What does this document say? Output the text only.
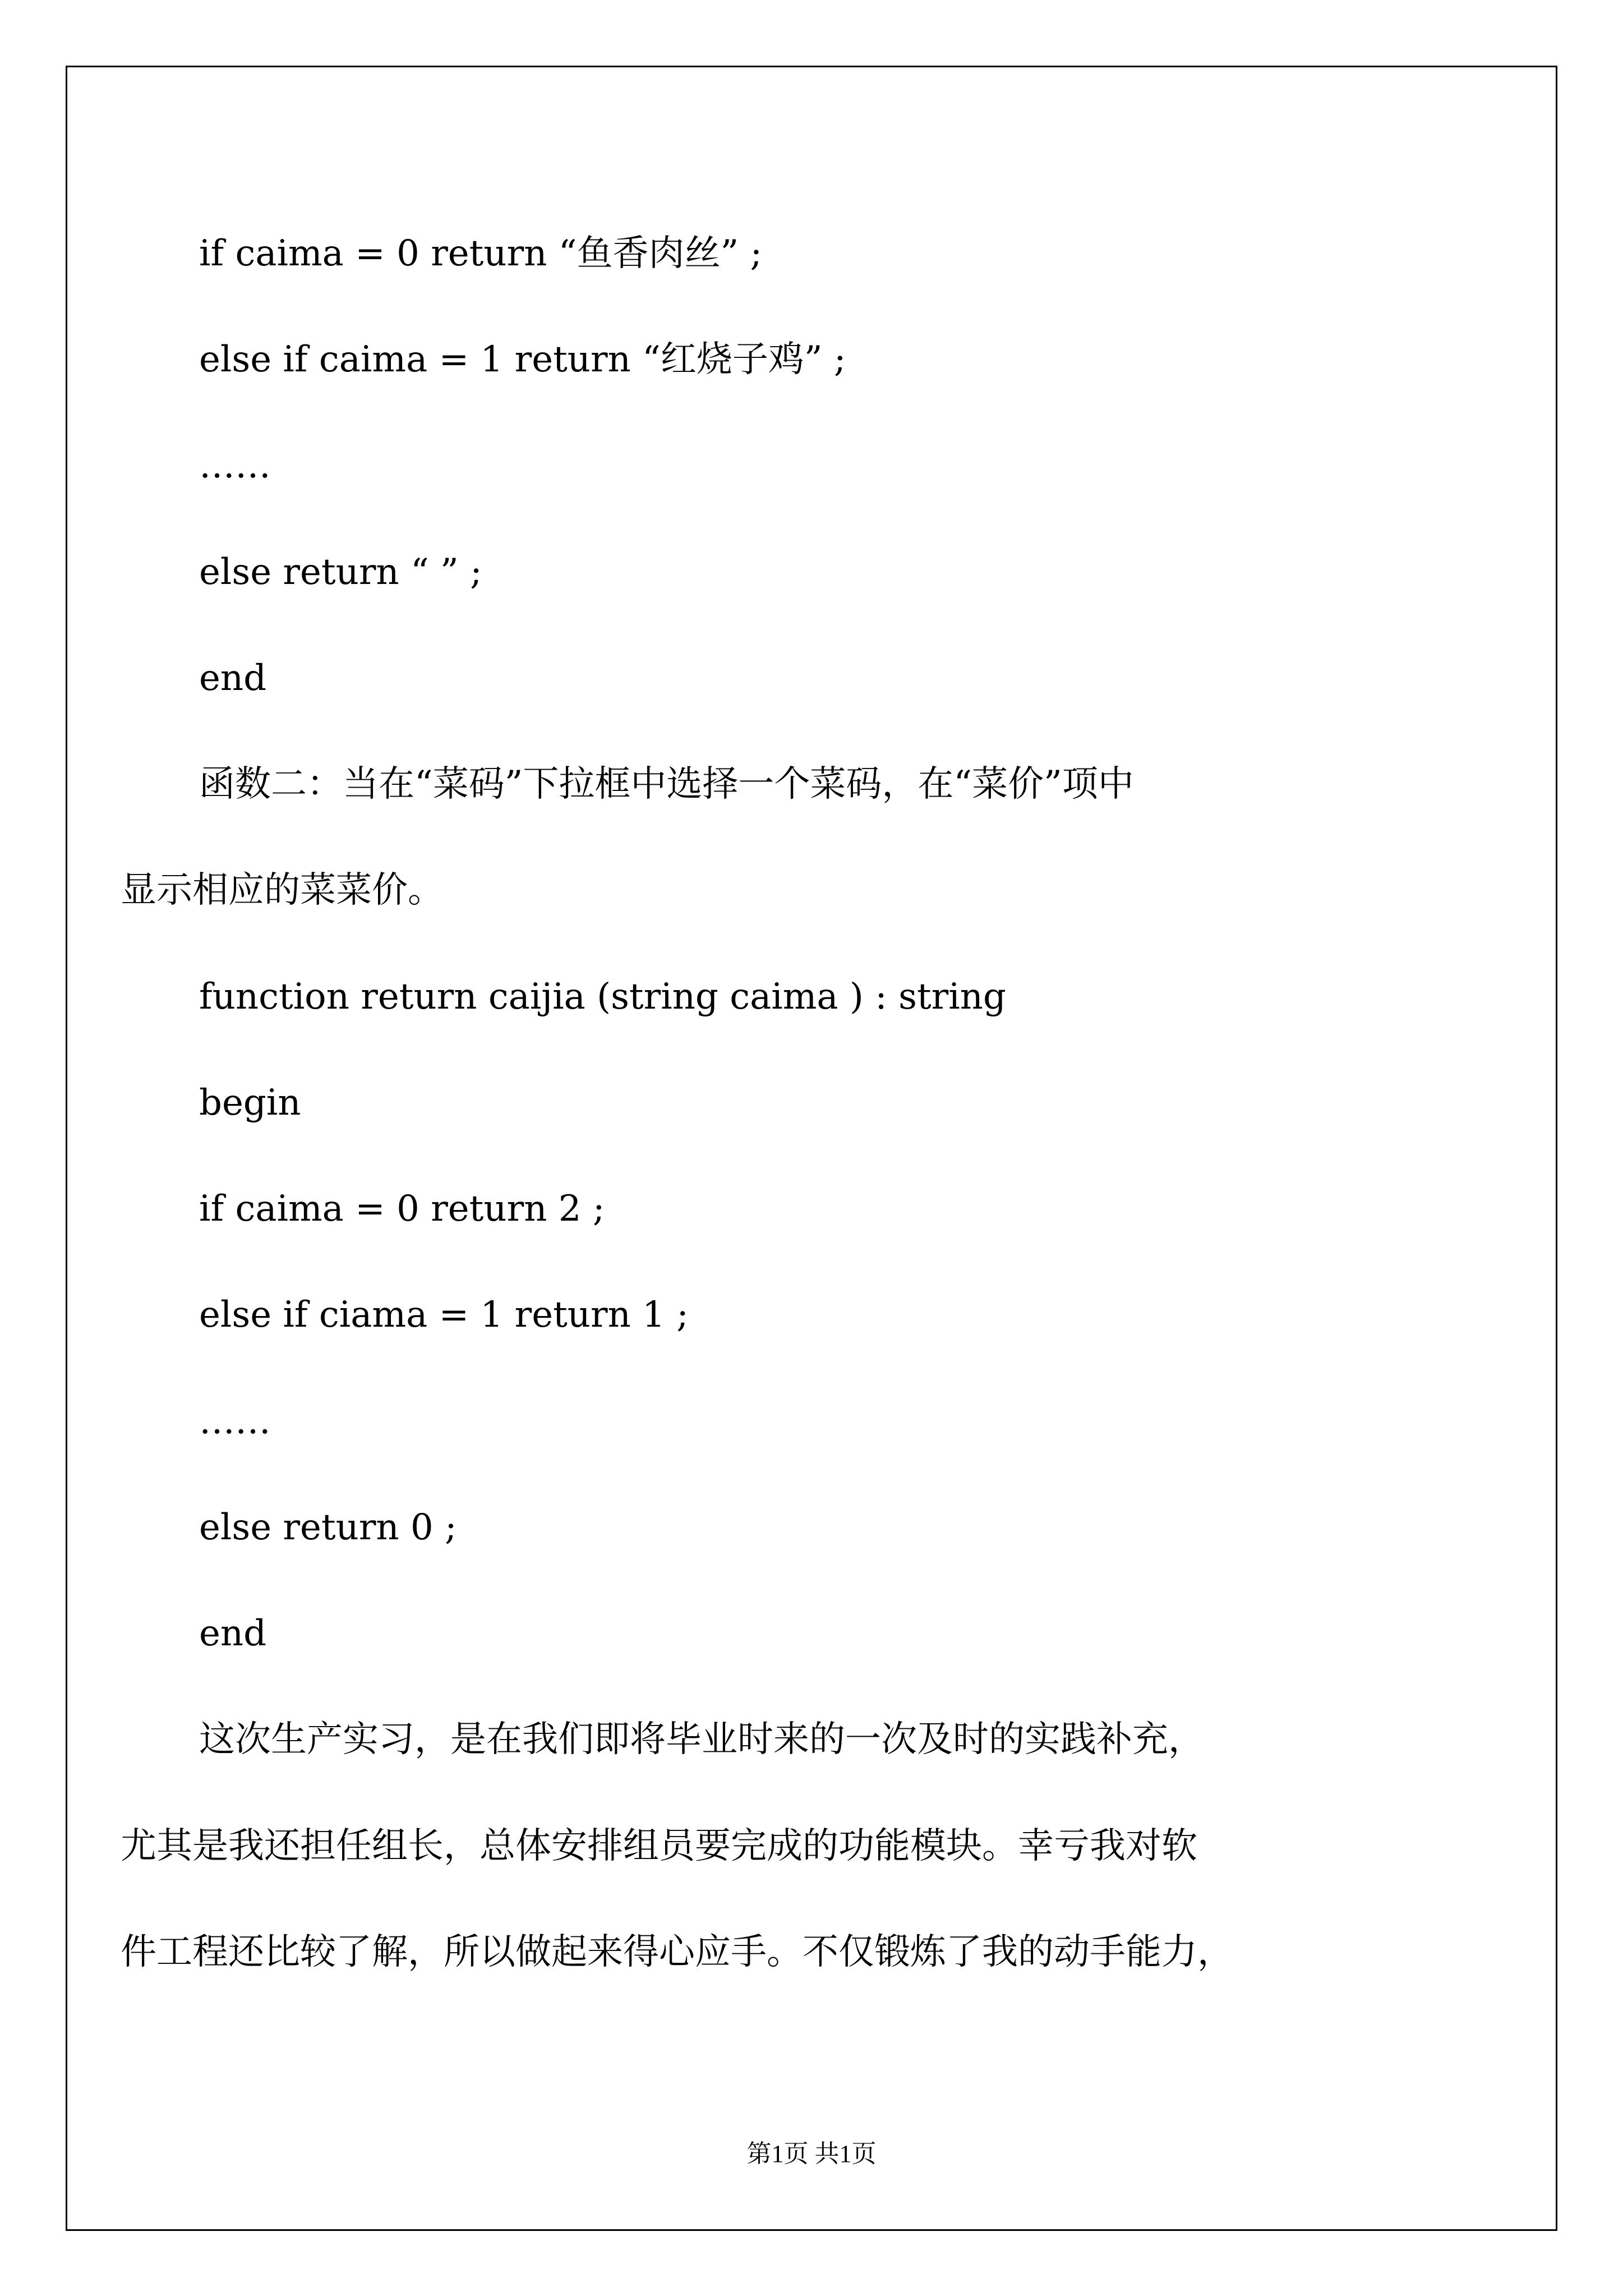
if caima = 0 return “鱼香肉丝” ;
else if caima = 1 return “红烧子鸡” ;
……
else return “ ” ;
end
函数二：当在“菜码”下拉框中选择一个菜码，在“菜价”项中
显示相应的菜菜价。
function return caijia (string caima ) : string
begin
if caima = 0 return 2 ;
else if ciama = 1 return 1 ;
……
else return 0 ;
end
这次生产实习，是在我们即将毕业时来的一次及时的实践补充，
尤其是我还担任组长，总体安排组员要完成的功能模块。幸亏我对软
件工程还比较了解，所以做起来得心应手。不仅锻炼了我的动手能力，
第1页 共1页
